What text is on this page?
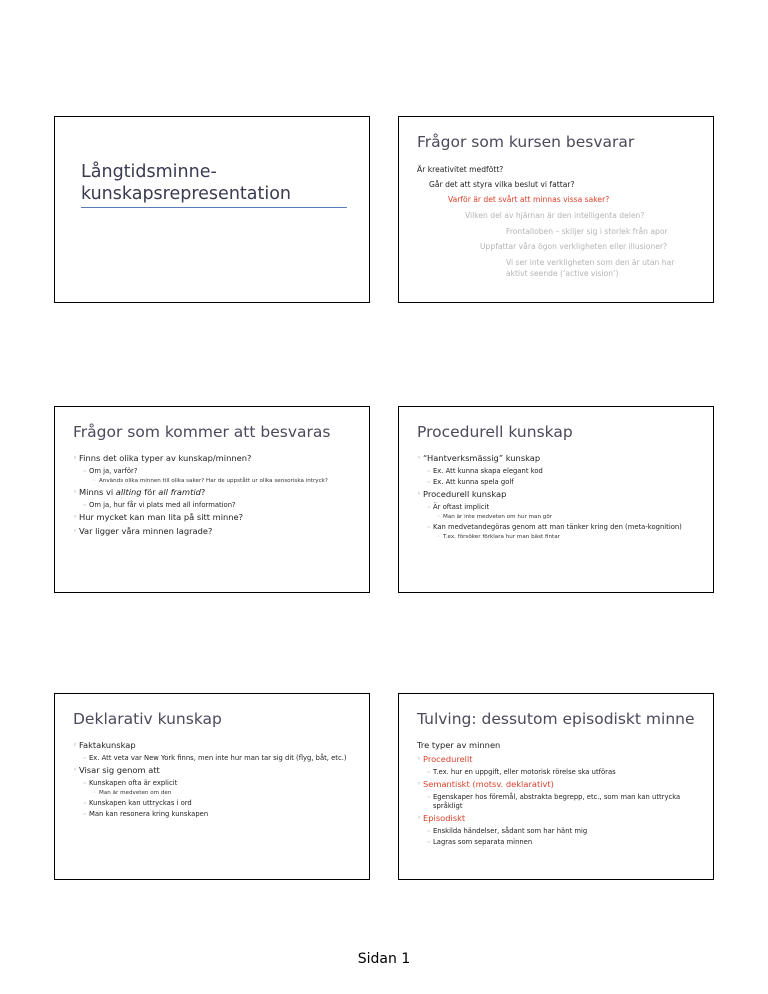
Långtidsminne-
kunskapsrepresentation
Frågor som kursen besvarar
Är kreativitet medfött?
Går det att styra vilka beslut vi fattar?
Varför är det svårt att minnas vissa saker?
Vilken del av hjärnan är den intelligenta delen?
Frontalloben – skiljer sig i storlek från apor
Uppfattar våra ögon verkligheten eller illusioner?
Vi ser inte verkligheten som den är utan har
aktivt seende (‘active vision’)
Frågor som kommer att besvaras
◦ Finns det olika typer av kunskap/minnen?
◦ Om ja, varför?
◦ Används olika minnen till olika saker? Har de uppstått ur olika sensoriska intryck?
◦ Minns vi allting för all framtid?
◦ Om ja, hur får vi plats med all information?
◦ Hur mycket kan man lita på sitt minne?
◦ Var ligger våra minnen lagrade?
Procedurell kunskap
◦ “Hantverksmässig” kunskap
◦ Ex. Att kunna skapa elegant kod
◦ Ex. Att kunna spela golf
◦ Procedurell kunskap
◦ Är oftast implicit
◦ Man är inte medveten om hur man gör
◦ Kan medvetandegöras genom att man tänker kring den (meta-kognition)
◦ T.ex. försöker förklara hur man bäst fintar
Deklarativ kunskap
◦ Faktakunskap
◦ Ex. Att veta var New York finns, men inte hur man tar sig dit (flyg, båt, etc.)
◦ Visar sig genom att
◦ Kunskapen ofta är explicit
◦ Man är medveten om den
◦ Kunskapen kan uttryckas i ord
◦ Man kan resonera kring kunskapen
Tulving: dessutom episodiskt minne
Tre typer av minnen
◦ Procedurellt
◦ T.ex. hur en uppgift, eller motorisk rörelse ska utföras
◦ Semantiskt (motsv. deklarativt)
◦ Egenskaper hos föremål, abstrakta begrepp, etc., som man kan uttrycka språkligt
◦ Episodiskt
◦ Enskilda händelser, sådant som har hänt mig
◦ Lagras som separata minnen
Sidan 1
